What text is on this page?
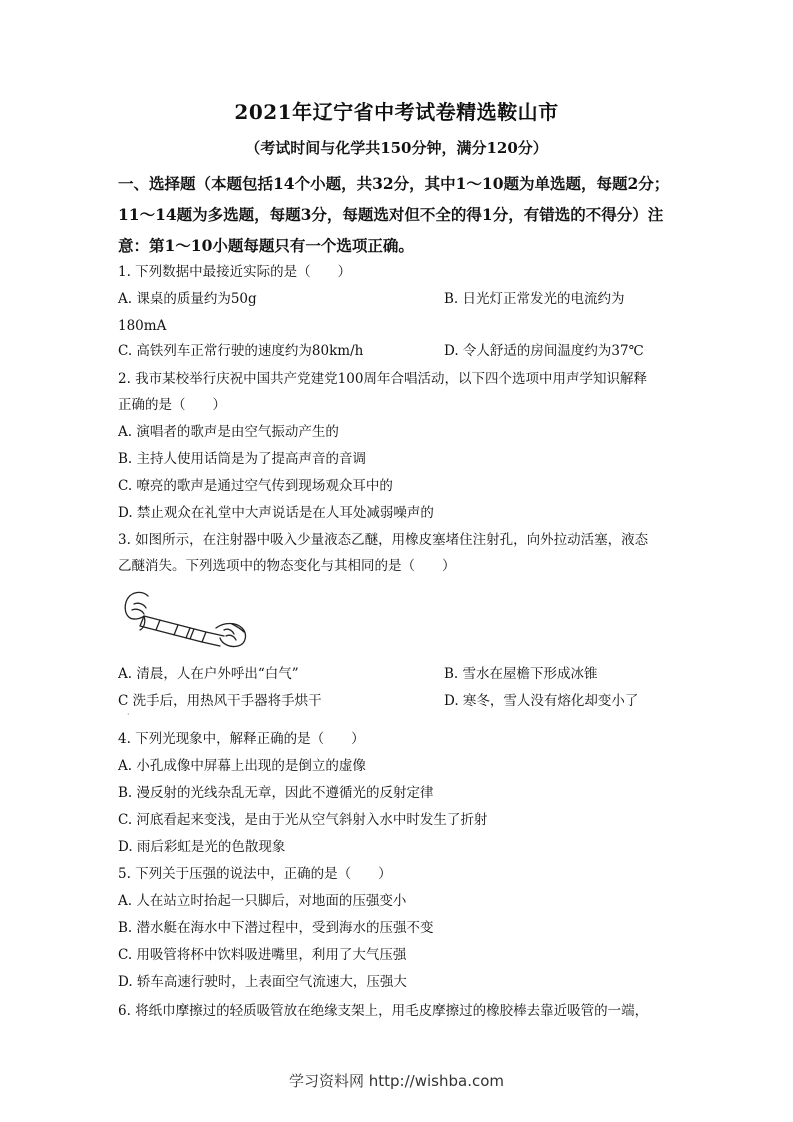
2021年辽宁省中考试卷精选鞍山市
（考试时间与化学共150分钟，满分120分）
一、选择题（本题包括14个小题，共32分，其中1～10题为单选题，每题2分；11～14题为多选题，每题3分，每题选对但不全的得1分，有错选的不得分）注意：第1～10小题每题只有一个选项正确。
1. 下列数据中最接近实际的是（　　）
A. 课桌的质量约为50g	B. 日光灯正常发光的电流约为
180mA
C. 高铁列车正常行驶的速度约为80km/h	D. 令人舒适的房间温度约为37℃
2. 我市某校举行庆祝中国共产党建党100周年合唱活动，以下四个选项中用声学知识解释
正确的是（　　）
A. 演唱者的歌声是由空气振动产生的
B. 主持人使用话筒是为了提高声音的音调
C. 嘹亮的歌声是通过空气传到现场观众耳中的
D. 禁止观众在礼堂中大声说话是在人耳处减弱噪声的
3. 如图所示，在注射器中吸入少量液态乙醚，用橡皮塞堵住注射孔，向外拉动活塞，液态
乙醚消失。下列选项中的物态变化与其相同的是（　　）
A. 清晨，人在户外呼出“白气”	B. 雪水在屋檐下形成冰锥
C 洗手后，用热风干手器将手烘干	D. 寒冬，雪人没有熔化却变小了
·
4. 下列光现象中，解释正确的是（　　）
A. 小孔成像中屏幕上出现的是倒立的虚像
B. 漫反射的光线杂乱无章，因此不遵循光的反射定律
C. 河底看起来变浅，是由于光从空气斜射入水中时发生了折射
D. 雨后彩虹是光的色散现象
5. 下列关于压强的说法中，正确的是（　　）
A. 人在站立时抬起一只脚后，对地面的压强变小
B. 潜水艇在海水中下潜过程中，受到海水的压强不变
C. 用吸管将杯中饮料吸进嘴里，利用了大气压强
D. 轿车高速行驶时，上表面空气流速大，压强大
6. 将纸巾摩擦过的轻质吸管放在绝缘支架上，用毛皮摩擦过的橡胶棒去靠近吸管的一端，
学习资料网 http://wishba.com
